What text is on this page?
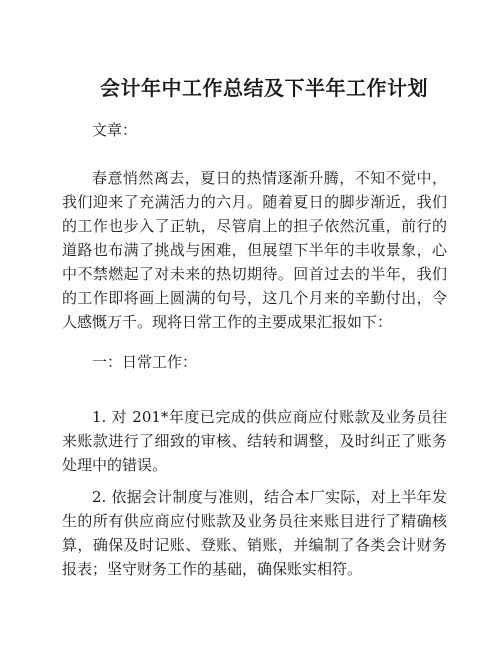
会计年中工作总结及下半年工作计划

文章：

春意悄然离去，夏日的热情逐渐升腾，不知不觉中，我们迎来了充满活力的六月。随着夏日的脚步渐近，我们的工作也步入了正轨，尽管肩上的担子依然沉重，前行的道路也布满了挑战与困难，但展望下半年的丰收景象，心中不禁燃起了对未来的热切期待。回首过去的半年，我们的工作即将画上圆满的句号，这几个月来的辛勤付出，令人感慨万千。现将日常工作的主要成果汇报如下：

一：日常工作：

1. 对 201*年度已完成的供应商应付账款及业务员往来账款进行了细致的审核、结转和调整，及时纠正了账务处理中的错误。

2. 依据会计制度与准则，结合本厂实际，对上半年发生的所有供应商应付账款及业务员往来账目进行了精确核算，确保及时记账、登账、销账，并编制了各类会计财务报表；坚守财务工作的基础，确保账实相符。
